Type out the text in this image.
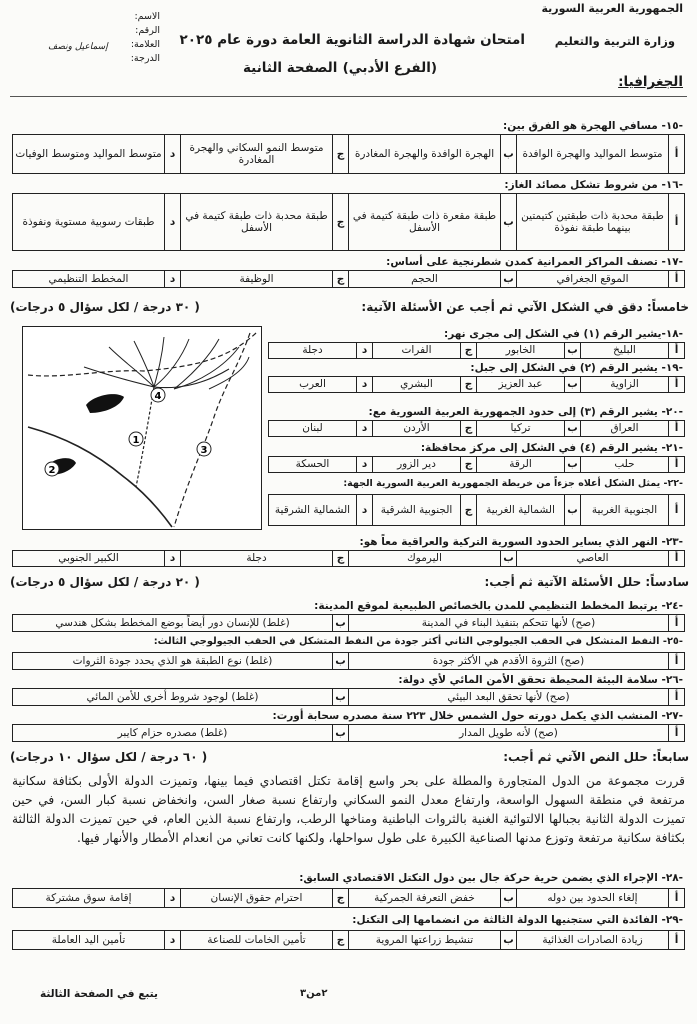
الجمهورية العربية السورية
وزارة التربية والتعليم
امتحان شهادة الدراسة الثانوية العامة دورة عام ٢٠٢٥
(الفرع الأدبي)
الصفحة الثانية
الجغرافيا:
الاسم:
الرقم:
العلامة:
الدرجة:
إسماعيل ونصف
-١٥- مسافي الهجرة هو الفرق بين:
أ
متوسط المواليد والهجرة الوافدة
ب
الهجرة الوافدة والهجرة المغادرة
ج
متوسط النمو السكاني والهجرة المغادرة
د
متوسط المواليد ومتوسط الوفيات
-١٦- من شروط تشكل مصائد الغاز:
أ
طبقة محدبة ذات طبقتين كتيمتين بينهما طبقة نفوذة
ب
طبقة مقعرة ذات طبقة كتيمة في الأسفل
ج
طبقة محدبة ذات طبقة كتيمة في الأسفل
د
طبقات رسوبية مستوية ونفوذة
-١٧- تصنف المراكز العمرانية كمدن شطرنجية على أساس:
أ
الموقع الجغرافي
ب
الحجم
ج
الوظيفة
د
المخطط التنظيمي
خامساً: دقق في الشكل الآتي ثم أجب عن الأسئلة الآتية:
( ٣٠ درجة / لكل سؤال ٥ درجات)
2
1
3
4
-١٨-يشير الرقم (١) في الشكل إلى مجرى نهر:
أ
البليخ
ب
الخابور
ج
الفرات
د
دجلة
-١٩- يشير الرقم (٢) في الشكل إلى جبل:
أ
الزاوية
ب
عبد العزيز
ج
البشري
د
العرب
-٢٠- يشير الرقم (٣) إلى حدود الجمهورية العربية السورية مع:
أ
العراق
ب
تركيا
ج
الأردن
د
لبنان
-٢١- يشير الرقم (٤) في الشكل إلى مركز محافظة:
أ
حلب
ب
الرقة
ج
دير الزور
د
الحسكة
-٢٢- يمثل الشكل أعلاه جزءاً من خريطة الجمهورية العربية السورية الجهة:
أ
الجنوبية الغربية
ب
الشمالية الغربية
ج
الجنوبية الشرقية
د
الشمالية الشرقية
-٢٣- النهر الذي يساير الحدود السورية التركية والعراقية معاً هو:
أ
العاصي
ب
اليرموك
ج
دجلة
د
الكبير الجنوبي
سادساً: حلل الأسئلة الآتية ثم أجب:
( ٢٠ درجة / لكل سؤال ٥ درجات)
-٢٤- يرتبط المخطط التنظيمي للمدن بالخصائص الطبيعية لموقع المدينة:
أ
(صح) لأنها تتحكم بتنفيذ البناء في المدينة
ب
(غلط) للإنسان دور أيضاً بوضع المخطط بشكل هندسي
-٢٥- النفط المتشكل في الحقب الجيولوجي الثاني أكثر جودة من النفط المتشكل في الحقب الجيولوجي الثالث:
أ
(صح) الثروة الأقدم هي الأكثر جودة
ب
(غلط) نوع الطبقة هو الذي يحدد جودة الثروات
-٢٦- سلامة البيئة المحيطة تحقق الأمن المائي لأي دولة:
أ
(صح) لأنها تحقق البعد البيئي
ب
(غلط) لوجود شروط أخرى للأمن المائي
-٢٧- المنشب الذي يكمل دورته حول الشمس خلال ٢٢٣ سنة مصدره سحابة أورت:
أ
(صح) لأنه طويل المدار
ب
(غلط) مصدره حزام كايبر
سابعاً: حلل النص الآتي ثم أجب:
( ٦٠ درجة / لكل سؤال ١٠ درجات)
قررت مجموعة من الدول المتجاورة والمطلة على بحر واسع إقامة تكتل اقتصادي فيما بينها، وتميزت الدولة الأولى بكثافة سكانية مرتفعة في منطقة السهول الواسعة، وارتفاع معدل النمو السكاني وارتفاع نسبة صغار السن، وانخفاض نسبة كبار السن، في حين تميزت الدولة الثانية بجبالها الالتوائية الغنية بالثروات الباطنية ومناخها الرطب، وارتفاع نسبة الذين العام، في حين تميزت الدولة الثالثة بكثافة سكانية مرتفعة وتوزع مدنها الصناعية الكبيرة على طول سواحلها، ولكنها كانت تعاني من انعدام الأمطار والأنهار فيها.
-٢٨- الإجراء الذي يضمن حرية حركة جال بين دول التكتل الاقتصادي السابق:
أ
إلغاء الحدود بين دوله
ب
خفض التعرفة الجمركية
ج
احترام حقوق الإنسان
د
إقامة سوق مشتركة
-٢٩- الفائدة التي ستجنيها الدولة الثالثة من انضمامها إلى التكتل:
أ
زيادة الصادرات الغذائية
ب
تنشيط زراعتها المروية
ج
تأمين الخامات للصناعة
د
تأمين اليد العاملة
٢من٣
يتبع في الصفحة الثالثة
